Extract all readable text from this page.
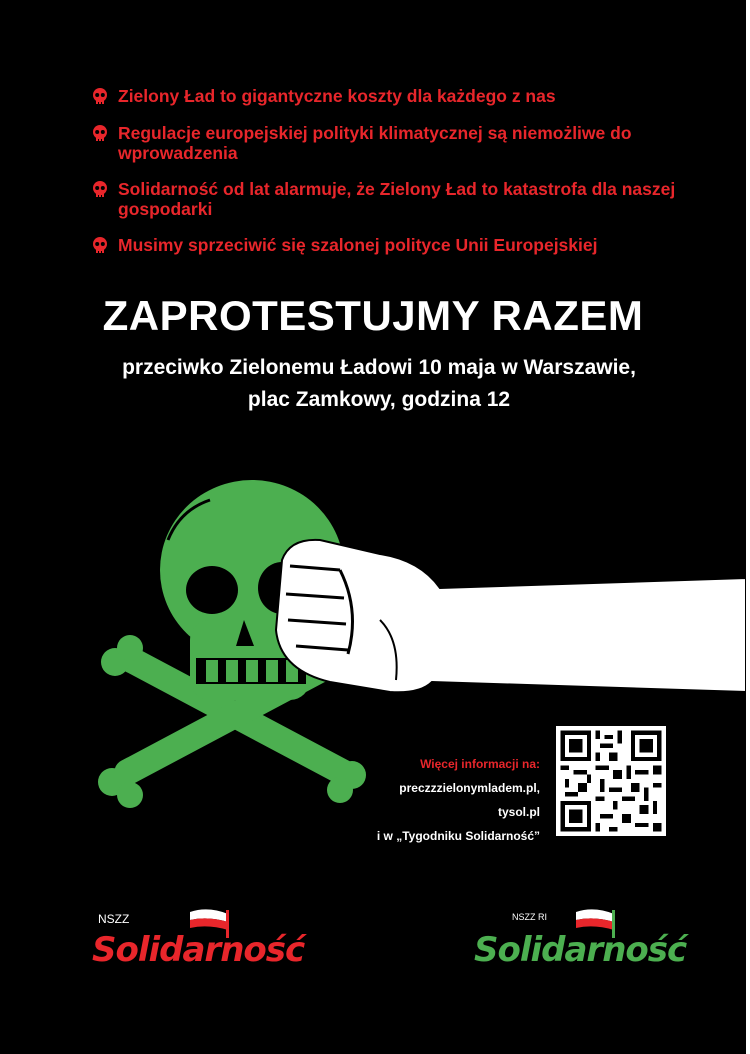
Zielony Ład to gigantyczne koszty dla każdego z nas
Regulacje europejskiej polityki klimatycznej są niemożliwe do wprowadzenia
Solidarność od lat alarmuje, że Zielony Ład to katastrofa dla naszej gospodarki
Musimy sprzeciwić się szalonej polityce Unii Europejskiej
ZAPROTESTUJMY RAZEM
przeciwko Zielonemu Ładowi 10 maja w Warszawie,
plac Zamkowy, godzina 12
Więcej informacji na:
preczzzielonymladem.pl,
tysol.pl
i w „Tygodniku Solidarność”
NSZZ
Solidarność
NSZZ RI
Solidarność
